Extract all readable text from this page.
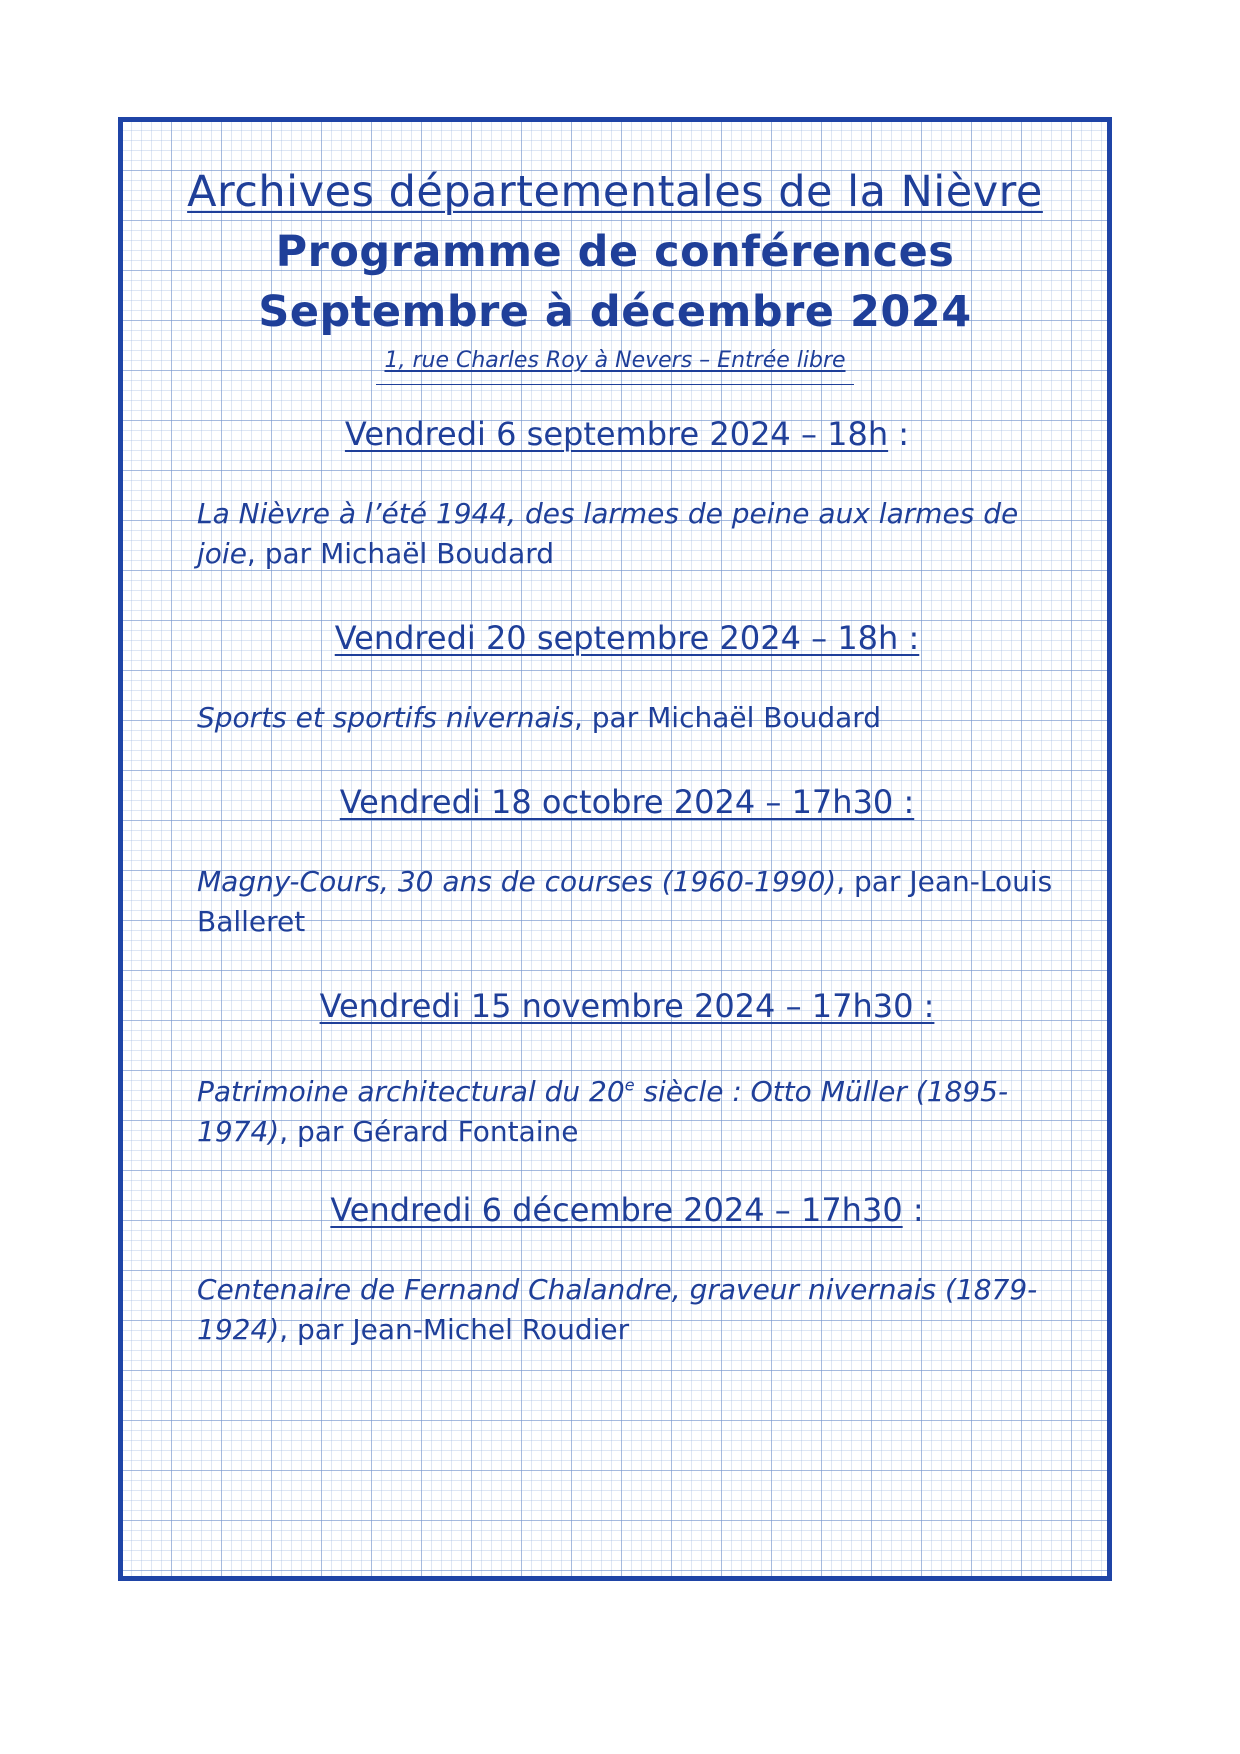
Archives départementales de la Nièvre

Programme de conférences

Septembre à décembre 2024

1, rue Charles Roy à Nevers – Entrée libre

Vendredi 6 septembre 2024 – 18h :

La Nièvre à l’été 1944, des larmes de peine aux larmes de joie, par Michaël Boudard

Vendredi 20 septembre 2024 – 18h :

Sports et sportifs nivernais, par Michaël Boudard

Vendredi 18 octobre 2024 – 17h30 :

Magny-Cours, 30 ans de courses (1960-1990), par Jean-Louis Balleret

Vendredi 15 novembre 2024 – 17h30 :

Patrimoine architectural du 20e siècle : Otto Müller (1895-1974), par Gérard Fontaine

Vendredi 6 décembre 2024 – 17h30 :

Centenaire de Fernand Chalandre, graveur nivernais (1879-1924), par Jean-Michel Roudier
